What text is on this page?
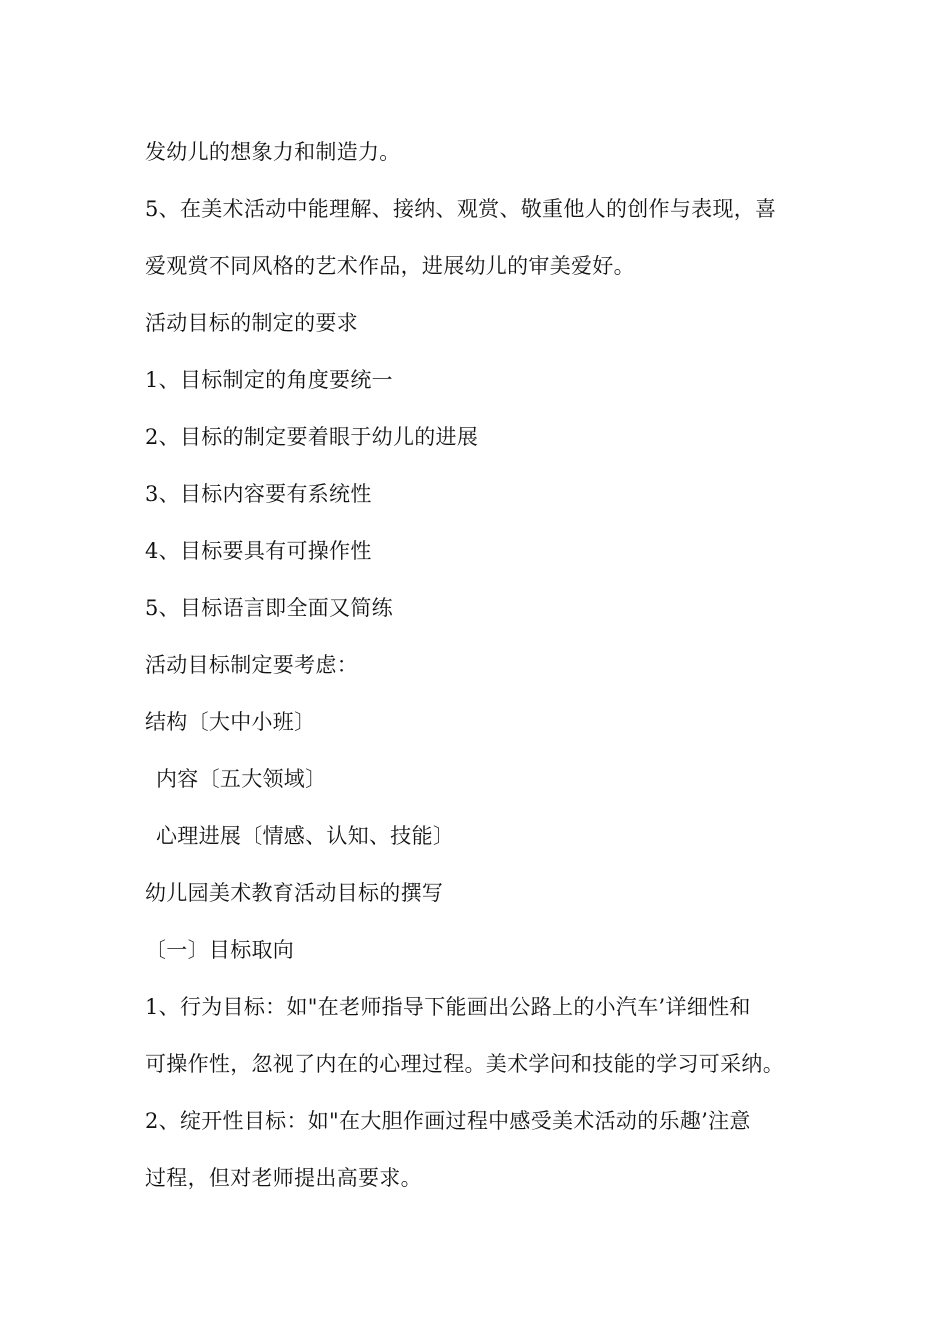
发幼儿的想象力和制造力。
5、在美术活动中能理解、接纳、观赏、敬重他人的创作与表现，喜
爱观赏不同风格的艺术作品，进展幼儿的审美爱好。
活动目标的制定的要求
1、目标制定的角度要统一
2、目标的制定要着眼于幼儿的进展
3、目标内容要有系统性
4、目标要具有可操作性
5、目标语言即全面又简练
活动目标制定要考虑：
结构〔大中小班〕
内容〔五大领域〕
心理进展〔情感、认知、技能〕
幼儿园美术教育活动目标的撰写
〔一〕目标取向
1、行为目标：如"在老师指导下能画出公路上的小汽车’详细性和
可操作性，忽视了内在的心理过程。美术学问和技能的学习可采纳。
2、绽开性目标：如"在大胆作画过程中感受美术活动的乐趣’注意
过程，但对老师提出高要求。
